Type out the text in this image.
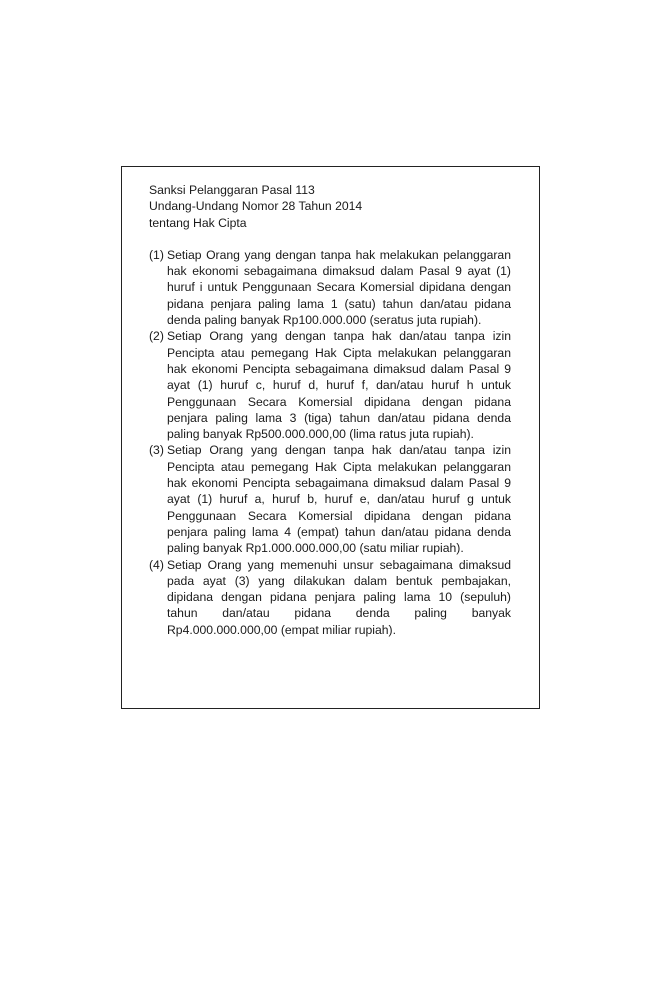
Sanksi Pelanggaran Pasal 113
Undang-Undang Nomor 28 Tahun 2014
tentang Hak Cipta
(1) Setiap Orang yang dengan tanpa hak melakukan pelanggaran hak ekonomi sebagaimana dimaksud dalam Pasal 9 ayat (1) huruf i untuk Penggunaan Secara Komersial dipidana dengan pidana penjara paling lama 1 (satu) tahun dan/atau pidana denda paling banyak Rp100.000.000 (seratus juta rupiah).
(2) Setiap Orang yang dengan tanpa hak dan/atau tanpa izin Pencipta atau pemegang Hak Cipta melakukan pelanggaran hak ekonomi Pencipta sebagaimana dimaksud dalam Pasal 9 ayat (1) huruf c, huruf d, huruf f, dan/atau huruf h untuk Penggunaan Secara Komersial dipidana dengan pidana penjara paling lama 3 (tiga) tahun dan/atau pidana denda paling banyak Rp500.000.000,00 (lima ratus juta rupiah).
(3) Setiap Orang yang dengan tanpa hak dan/atau tanpa izin Pencipta atau pemegang Hak Cipta melakukan pelanggaran hak ekonomi Pencipta sebagaimana dimaksud dalam Pasal 9 ayat (1) huruf a, huruf b, huruf e, dan/atau huruf g untuk Penggunaan Secara Komersial dipidana dengan pidana penjara paling lama 4 (empat) tahun dan/atau pidana denda paling banyak Rp1.000.000.000,00 (satu miliar rupiah).
(4) Setiap Orang yang memenuhi unsur sebagaimana dimaksud pada ayat (3) yang dilakukan dalam bentuk pembajakan, dipidana dengan pidana penjara paling lama 10 (sepuluh) tahun dan/atau pidana denda paling banyak Rp4.000.000.000,00 (empat miliar rupiah).
